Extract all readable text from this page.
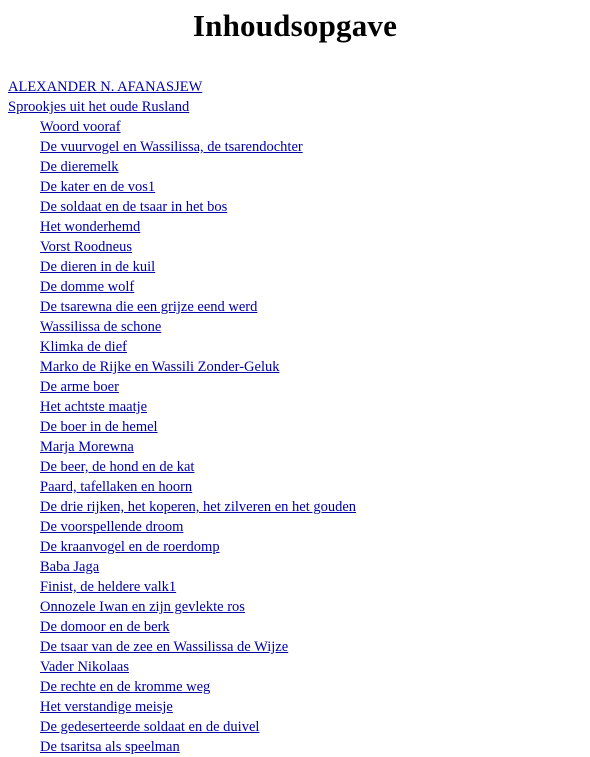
Inhoudsopgave
ALEXANDER N. AFANASJEW
Sprookjes uit het oude Rusland
Woord vooraf
De vuurvogel en Wassilissa, de tsarendochter
De dieremelk
De kater en de vos1
De soldaat en de tsaar in het bos
Het wonderhemd
Vorst Roodneus
De dieren in de kuil
De domme wolf
De tsarewna die een grijze eend werd
Wassilissa de schone
Klimka de dief
Marko de Rijke en Wassili Zonder-Geluk
De arme boer
Het achtste maatje
De boer in de hemel
Marja Morewna
De beer, de hond en de kat
Paard, tafellaken en hoorn
De drie rijken, het koperen, het zilveren en het gouden
De voorspellende droom
De kraanvogel en de roerdomp
Baba Jaga
Finist, de heldere valk1
Onnozele Iwan en zijn gevlekte ros
De domoor en de berk
De tsaar van de zee en Wassilissa de Wijze
Vader Nikolaas
De rechte en de kromme weg
Het verstandige meisje
De gedeserteerde soldaat en de duivel
De tsaritsa als speelman
